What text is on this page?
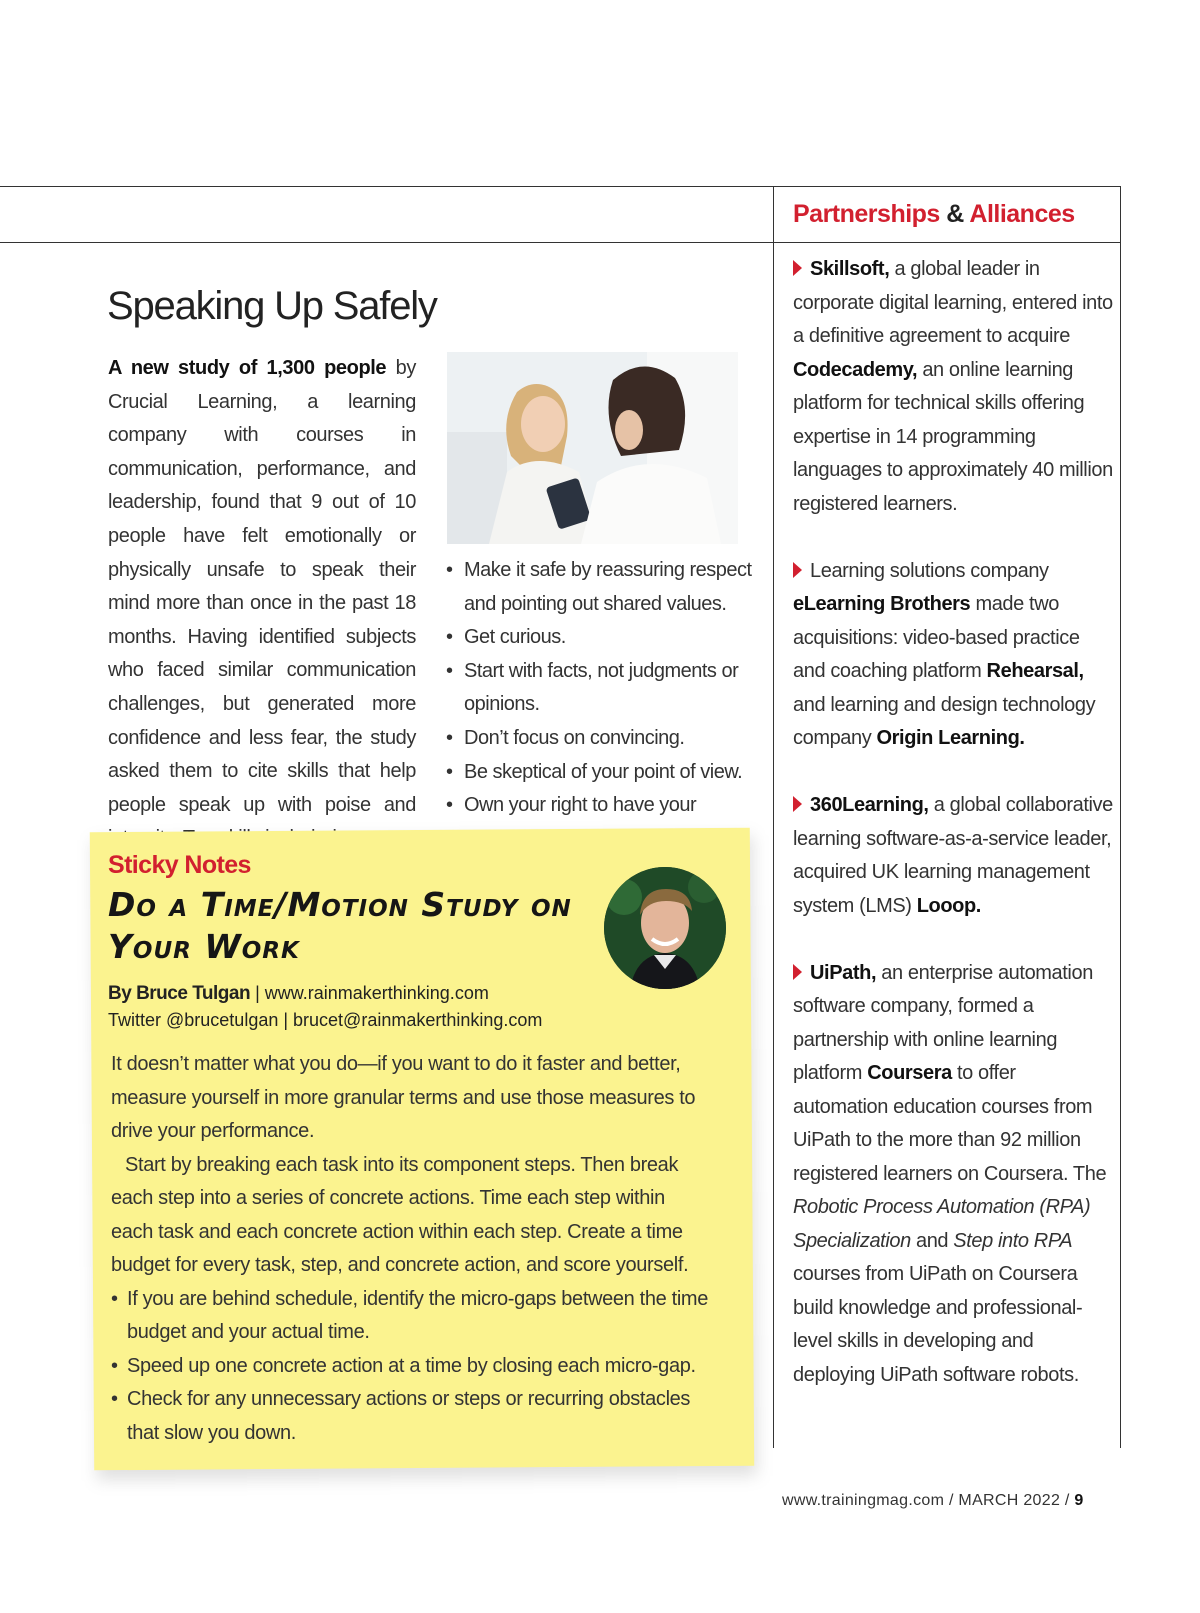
Partnerships & Alliances

Skillsoft, a global leader in corporate digital learning, entered into a definitive agreement to acquire Codecademy, an online learning platform for technical skills offering expertise in 14 programming languages to approximately 40 million registered learners.

Learning solutions company eLearning Brothers made two acquisitions: video-based practice and coaching platform Rehearsal, and learning and design technology company Origin Learning.

360Learning, a global collaborative learning software-as-a-service leader, acquired UK learning management system (LMS) Looop.

UiPath, an enterprise automation software company, formed a partnership with online learning platform Coursera to offer automation education courses from UiPath to the more than 92 million registered learners on Coursera. The Robotic Process Automation (RPA) Specialization and Step into RPA courses from UiPath on Coursera build knowledge and professional-level skills in developing and deploying UiPath software robots.

Speaking Up Safely
A new study of 1,300 people by Crucial Learning, a learning company with courses in communication, performance, and leadership, found that 9 out of 10 people have felt emotionally or physically unsafe to speak their mind more than once in the past 18 months. Having identified subjects who faced similar communication challenges, but generated more confidence and less fear, the study asked them to cite skills that help people speak up with poise and
• Make it safe by reassuring respect and pointing out shared values.
• Get curious.
• Start with facts, not judgments or opinions.
• Don’t focus on convincing.
• Be skeptical of your point of view.
• Own your right to have your
Sticky Notes
Do a Time/Motion Study on Your Work
By Bruce Tulgan | www.rainmakerthinking.com
Twitter @brucetulgan | brucet@rainmakerthinking.com

It doesn’t matter what you do—if you want to do it faster and better, measure yourself in more granular terms and use those measures to drive your performance.

Start by breaking each task into its component steps. Then break each step into a series of concrete actions. Time each step within each task and each concrete action within each step. Create a time budget for every task, step, and concrete action, and score yourself.

• If you are behind schedule, identify the micro-gaps between the time budget and your actual time.
• Speed up one concrete action at a time by closing each micro-gap.
• Check for any unnecessary actions or steps or recurring obstacles that slow you down.
www.trainingmag.com / MARCH 2022 / 9
